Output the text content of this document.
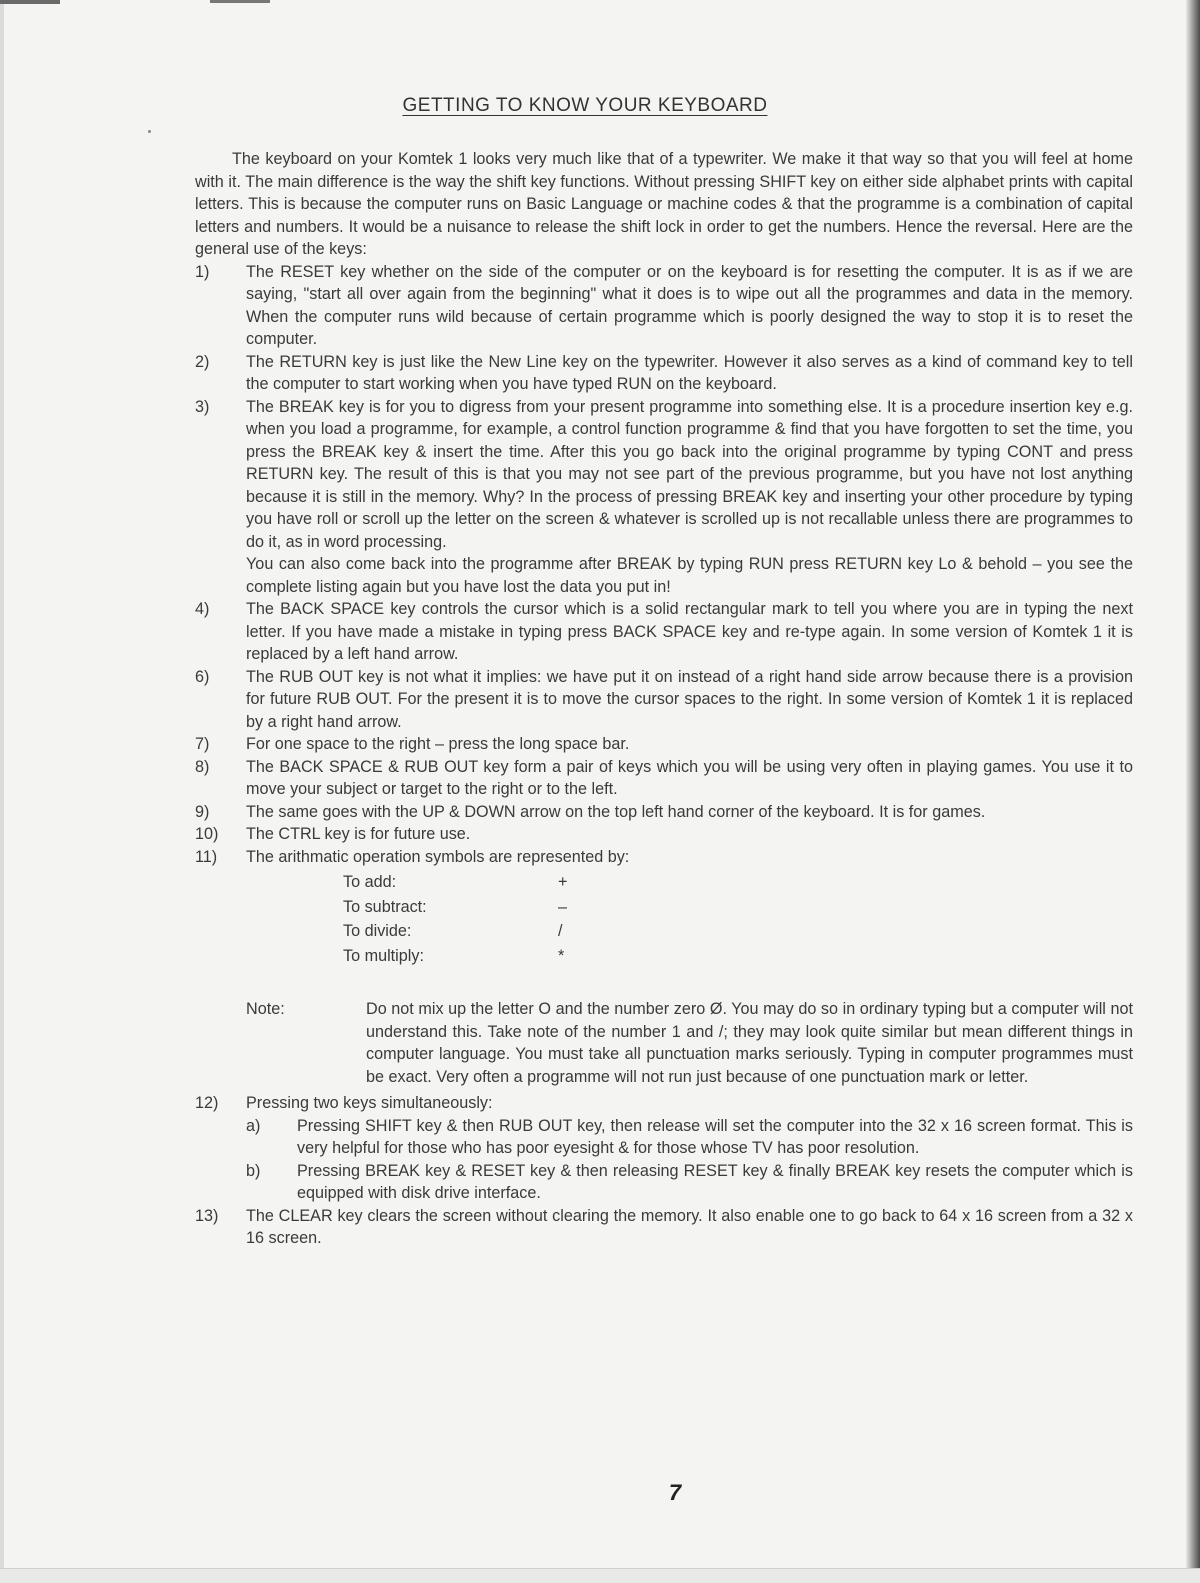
GETTING TO KNOW YOUR KEYBOARD

The keyboard on your Komtek 1 looks very much like that of a typewriter. We make it that way so that you will feel at home with it. The main difference is the way the shift key functions. Without pressing SHIFT key on either side alphabet prints with capital letters. This is because the computer runs on Basic Language or machine codes & that the programme is a combination of capital letters and numbers. It would be a nuisance to release the shift lock in order to get the numbers. Hence the reversal. Here are the general use of the keys:

1) The RESET key whether on the side of the computer or on the keyboard is for resetting the computer. It is as if we are saying, "start all over again from the beginning" what it does is to wipe out all the programmes and data in the memory. When the computer runs wild because of certain programme which is poorly designed the way to stop it is to reset the computer.

2) The RETURN key is just like the New Line key on the typewriter. However it also serves as a kind of command key to tell the computer to start working when you have typed RUN on the keyboard.

3) The BREAK key is for you to digress from your present programme into something else. It is a procedure insertion key e.g. when you load a programme, for example, a control function programme & find that you have forgotten to set the time, you press the BREAK key & insert the time. After this you go back into the original programme by typing CONT and press RETURN key. The result of this is that you may not see part of the previous programme, but you have not lost anything because it is still in the memory. Why? In the process of pressing BREAK key and inserting your other procedure by typing you have roll or scroll up the letter on the screen & whatever is scrolled up is not recallable unless there are programmes to do it, as in word processing.

You can also come back into the programme after BREAK by typing RUN press RETURN key Lo & behold – you see the complete listing again but you have lost the data you put in!

4) The BACK SPACE key controls the cursor which is a solid rectangular mark to tell you where you are in typing the next letter. If you have made a mistake in typing press BACK SPACE key and re-type again. In some version of Komtek 1 it is replaced by a left hand arrow.

6) The RUB OUT key is not what it implies: we have put it on instead of a right hand side arrow because there is a provision for future RUB OUT. For the present it is to move the cursor spaces to the right. In some version of Komtek 1 it is replaced by a right hand arrow.

7) For one space to the right – press the long space bar.

8) The BACK SPACE & RUB OUT key form a pair of keys which you will be using very often in playing games. You use it to move your subject or target to the right or to the left.

9) The same goes with the UP & DOWN arrow on the top left hand corner of the keyboard. It is for games.

10) The CTRL key is for future use.

11) The arithmatic operation symbols are represented by:

To add:	+
To subtract:	–
To divide:	/
To multiply:	*
Note:	Do not mix up the letter O and the number zero Ø. You may do so in ordinary typing but a computer will not understand this. Take note of the number 1 and /; they may look quite similar but mean different things in computer language. You must take all punctuation marks seriously. Typing in computer programmes must be exact. Very often a programme will not run just because of one punctuation mark or letter.

12) Pressing two keys simultaneously:

a) Pressing SHIFT key & then RUB OUT key, then release will set the computer into the 32 x 16 screen format. This is very helpful for those who has poor eyesight & for those whose TV has poor resolution.

b) Pressing BREAK key & RESET key & then releasing RESET key & finally BREAK key resets the computer which is equipped with disk drive interface.

13) The CLEAR key clears the screen without clearing the memory. It also enable one to go back to 64 x 16 screen from a 32 x 16 screen.

7
